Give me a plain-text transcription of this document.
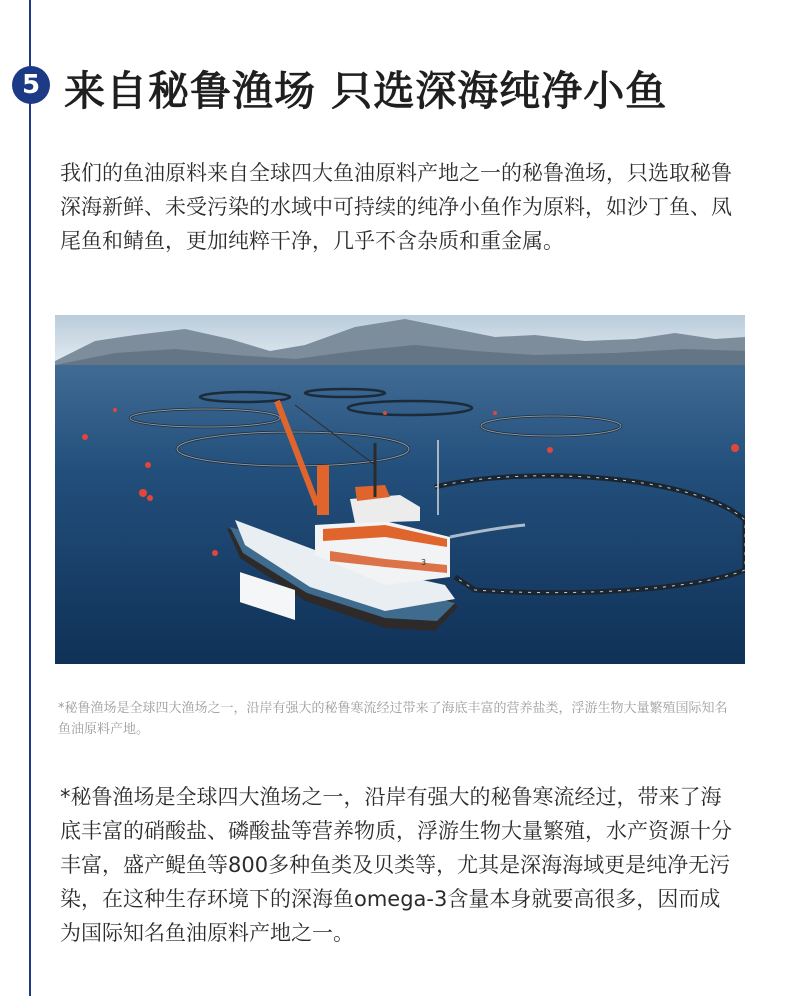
5 来自秘鲁渔场 只选深海纯净小鱼

我们的鱼油原料来自全球四大鱼油原料产地之一的秘鲁渔场，只选取秘鲁深海新鲜、未受污染的水域中可持续的纯净小鱼作为原料，如沙丁鱼、凤尾鱼和鲭鱼，更加纯粹干净，几乎不含杂质和重金属。

3

*秘鲁渔场是全球四大渔场之一，沿岸有强大的秘鲁寒流经过带来了海底丰富的营养盐类，浮游生物大量繁殖国际知名鱼油原料产地。

*秘鲁渔场是全球四大渔场之一，沿岸有强大的秘鲁寒流经过，带来了海底丰富的硝酸盐、磷酸盐等营养物质，浮游生物大量繁殖，水产资源十分丰富，盛产鳀鱼等800多种鱼类及贝类等，尤其是深海海域更是纯净无污染，在这种生存环境下的深海鱼omega-3含量本身就要高很多，因而成为国际知名鱼油原料产地之一。
